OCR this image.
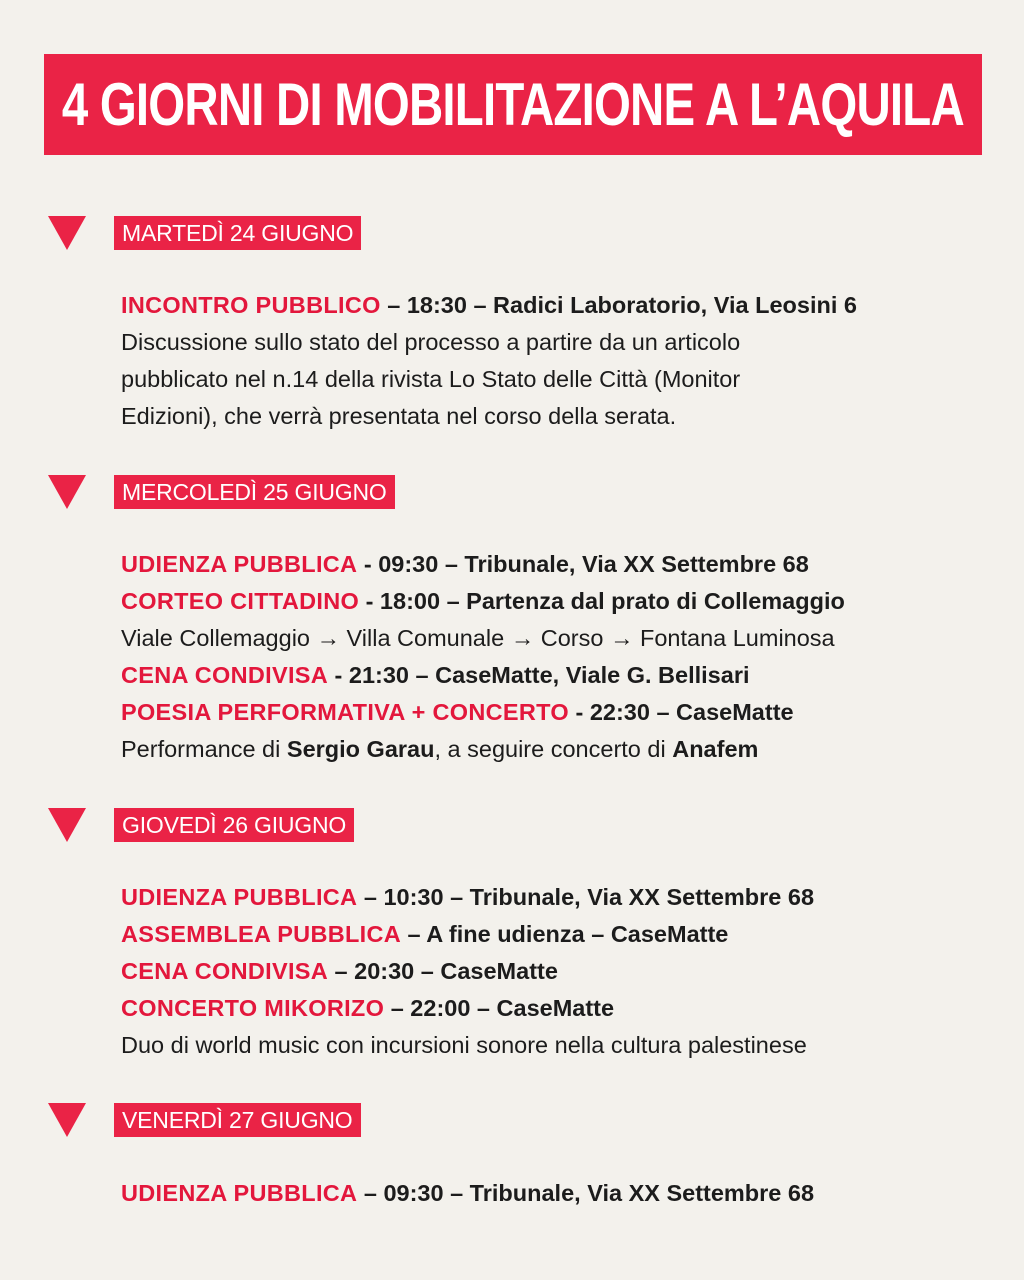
4 GIORNI DI MOBILITAZIONE A L’AQUILA
MARTEDÌ 24 GIUGNO
INCONTRO PUBBLICO – 18:30 – Radici Laboratorio, Via Leosini 6
Discussione sullo stato del processo a partire da un articolo
pubblicato nel n.14 della rivista Lo Stato delle Città (Monitor
Edizioni), che verrà presentata nel corso della serata.
MERCOLEDÌ 25 GIUGNO
UDIENZA PUBBLICA - 09:30 – Tribunale, Via XX Settembre 68
CORTEO CITTADINO - 18:00 – Partenza dal prato di Collemaggio
Viale Collemaggio → Villa Comunale → Corso → Fontana Luminosa
CENA CONDIVISA - 21:30 – CaseMatte, Viale G. Bellisari
POESIA PERFORMATIVA + CONCERTO - 22:30 – CaseMatte
Performance di Sergio Garau, a seguire concerto di Anafem
GIOVEDÌ 26 GIUGNO
UDIENZA PUBBLICA – 10:30 – Tribunale, Via XX Settembre 68
ASSEMBLEA PUBBLICA – A fine udienza – CaseMatte
CENA CONDIVISA – 20:30 – CaseMatte
CONCERTO MIKORIZO – 22:00 – CaseMatte
Duo di world music con incursioni sonore nella cultura palestinese
VENERDÌ 27 GIUGNO
UDIENZA PUBBLICA – 09:30 – Tribunale, Via XX Settembre 68
